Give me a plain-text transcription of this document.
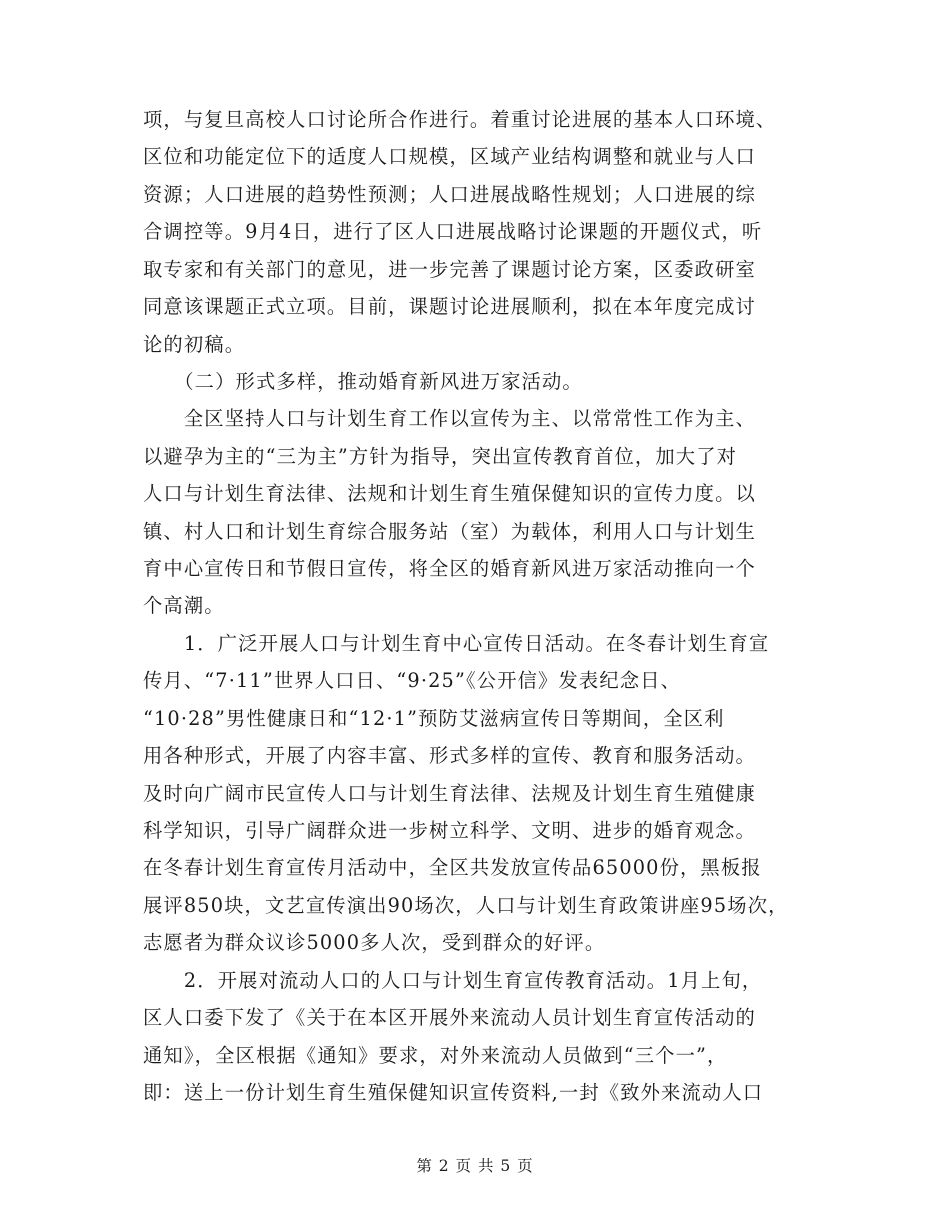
项，与复旦高校人口讨论所合作进行。着重讨论进展的基本人口环境、
区位和功能定位下的适度人口规模，区域产业结构调整和就业与人口
资源；人口进展的趋势性预测；人口进展战略性规划；人口进展的综
合调控等。9月4日，进行了区人口进展战略讨论课题的开题仪式，听
取专家和有关部门的意见，进一步完善了课题讨论方案，区委政研室
同意该课题正式立项。目前，课题讨论进展顺利，拟在本年度完成讨
论的初稿。
　　（二）形式多样，推动婚育新风进万家活动。
　　全区坚持人口与计划生育工作以宣传为主、以常常性工作为主、
以避孕为主的“三为主”方针为指导，突出宣传教育首位，加大了对
人口与计划生育法律、法规和计划生育生殖保健知识的宣传力度。以
镇、村人口和计划生育综合服务站（室）为载体，利用人口与计划生
育中心宣传日和节假日宣传，将全区的婚育新风进万家活动推向一个
个高潮。
　　1．广泛开展人口与计划生育中心宣传日活动。在冬春计划生育宣
传月、“7·11”世界人口日、“9·25”《公开信》发表纪念日、
“10·28”男性健康日和“12·1”预防艾滋病宣传日等期间，全区利
用各种形式，开展了内容丰富、形式多样的宣传、教育和服务活动。
及时向广阔市民宣传人口与计划生育法律、法规及计划生育生殖健康
科学知识，引导广阔群众进一步树立科学、文明、进步的婚育观念。
在冬春计划生育宣传月活动中，全区共发放宣传品65000份，黑板报
展评850块，文艺宣传演出90场次，人口与计划生育政策讲座95场次，
志愿者为群众议诊5000多人次，受到群众的好评。
　　2．开展对流动人口的人口与计划生育宣传教育活动。1月上旬，
区人口委下发了《关于在本区开展外来流动人员计划生育宣传活动的
通知》，全区根据《通知》要求，对外来流动人员做到“三个一”，
即：送上一份计划生育生殖保健知识宣传资料,一封《致外来流动人口
第 2 页 共 5 页
